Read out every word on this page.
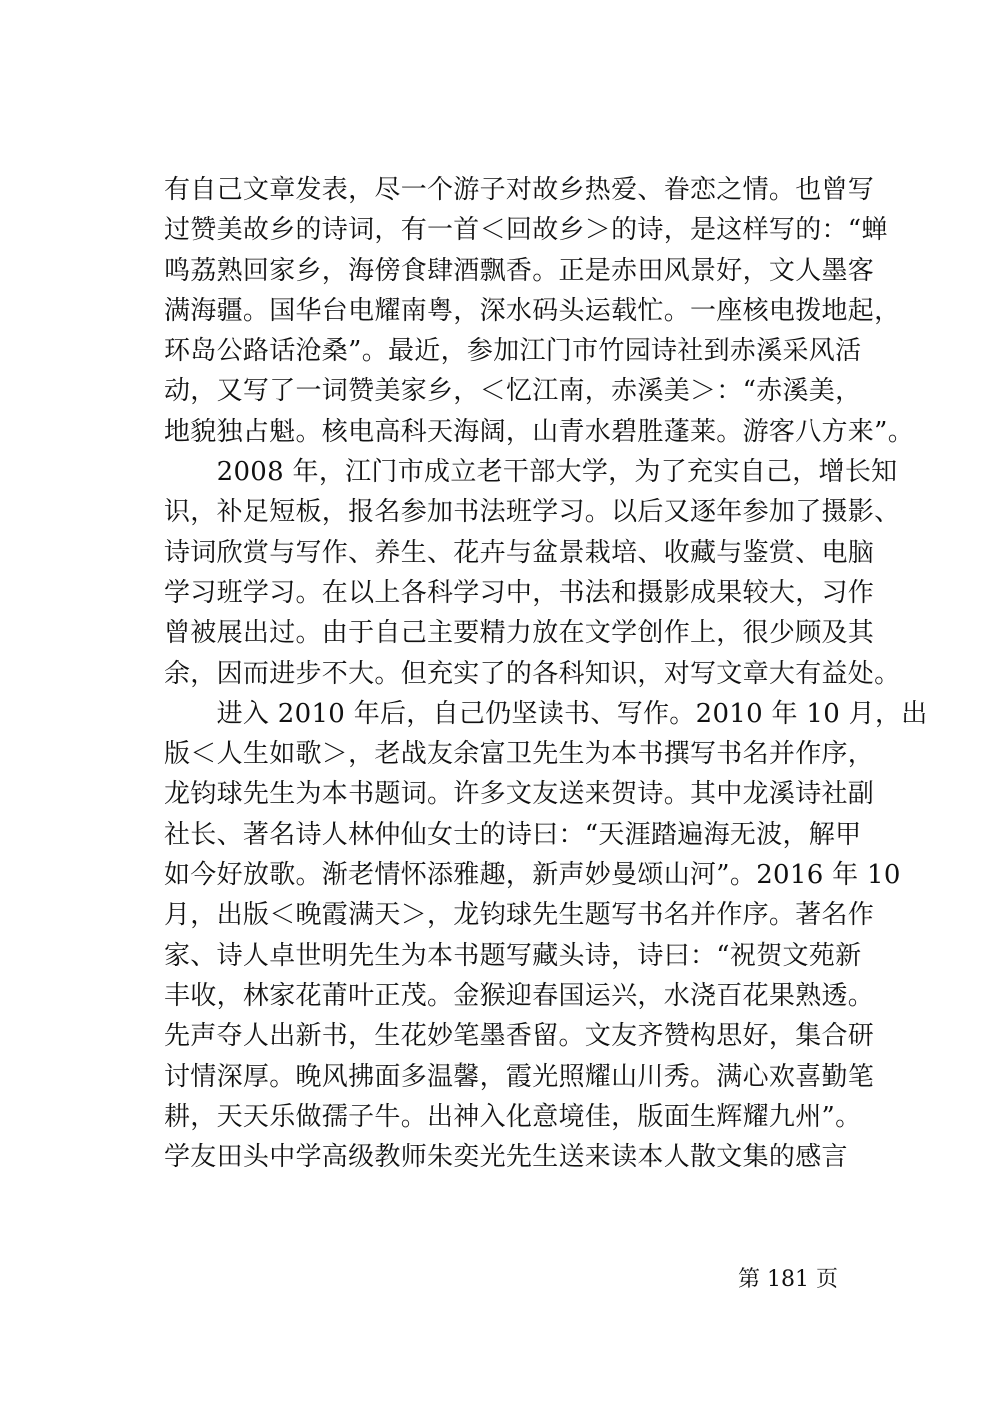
有自己文章发表，尽一个游子对故乡热爱、眷恋之情。也曾写
过赞美故乡的诗词，有一首＜回故乡＞的诗，是这样写的：“蝉
鸣荔熟回家乡，海傍食肆酒飘香。正是赤田风景好，文人墨客
满海疆。国华台电耀南粤，深水码头运载忙。一座核电拨地起，
环岛公路话沧桑”。最近，参加江门市竹园诗社到赤溪采风活
动，又写了一词赞美家乡，＜忆江南，赤溪美＞：“赤溪美，
地貌独占魁。核电高科天海阔，山青水碧胜蓬莱。游客八方来”。
　　2008 年，江门市成立老干部大学，为了充实自己，增长知
识，补足短板，报名参加书法班学习。以后又逐年参加了摄影、
诗词欣赏与写作、养生、花卉与盆景栽培、收藏与鉴赏、电脑
学习班学习。在以上各科学习中，书法和摄影成果较大，习作
曾被展出过。由于自己主要精力放在文学创作上，很少顾及其
余，因而进步不大。但充实了的各科知识，对写文章大有益处。
　　进入 2010 年后，自己仍坚读书、写作。2010 年 10 月，出
版＜人生如歌＞，老战友余富卫先生为本书撰写书名并作序，
龙钧球先生为本书题词。许多文友送来贺诗。其中龙溪诗社副
社长、著名诗人林仲仙女士的诗曰：“天涯踏遍海无波，解甲
如今好放歌。渐老情怀添雅趣，新声妙曼颂山河”。2016 年 10
月，出版＜晚霞满天＞，龙钧球先生题写书名并作序。著名作
家、诗人卓世明先生为本书题写藏头诗，诗曰：“祝贺文苑新
丰收，林家花莆叶正茂。金猴迎春国运兴，水浇百花果熟透。
先声夺人出新书，生花妙笔墨香留。文友齐赞构思好，集合研
讨情深厚。晚风拂面多温馨，霞光照耀山川秀。满心欢喜勤笔
耕，天天乐做孺子牛。出神入化意境佳，版面生辉耀九州”。
学友田头中学高级教师朱奕光先生送来读本人散文集的感言
第 181 页
